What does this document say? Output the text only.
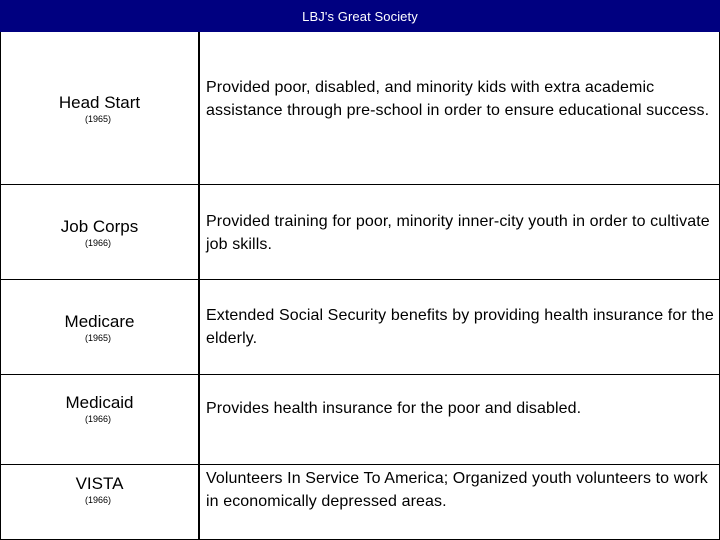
LBJ's Great Society
Head Start
(1965)
Provided poor, disabled, and minority kids with extra academic assistance through pre-school in order to ensure educational success.
Job Corps
(1966)
Provided training for poor, minority inner-city youth in order to cultivate job skills.
Medicare
(1965)
Extended Social Security benefits by providing health insurance for the elderly.
Medicaid
(1966)
Provides health insurance for the poor and disabled.
VISTA
(1966)
Volunteers In Service To America; Organized youth volunteers to work in economically depressed areas.
